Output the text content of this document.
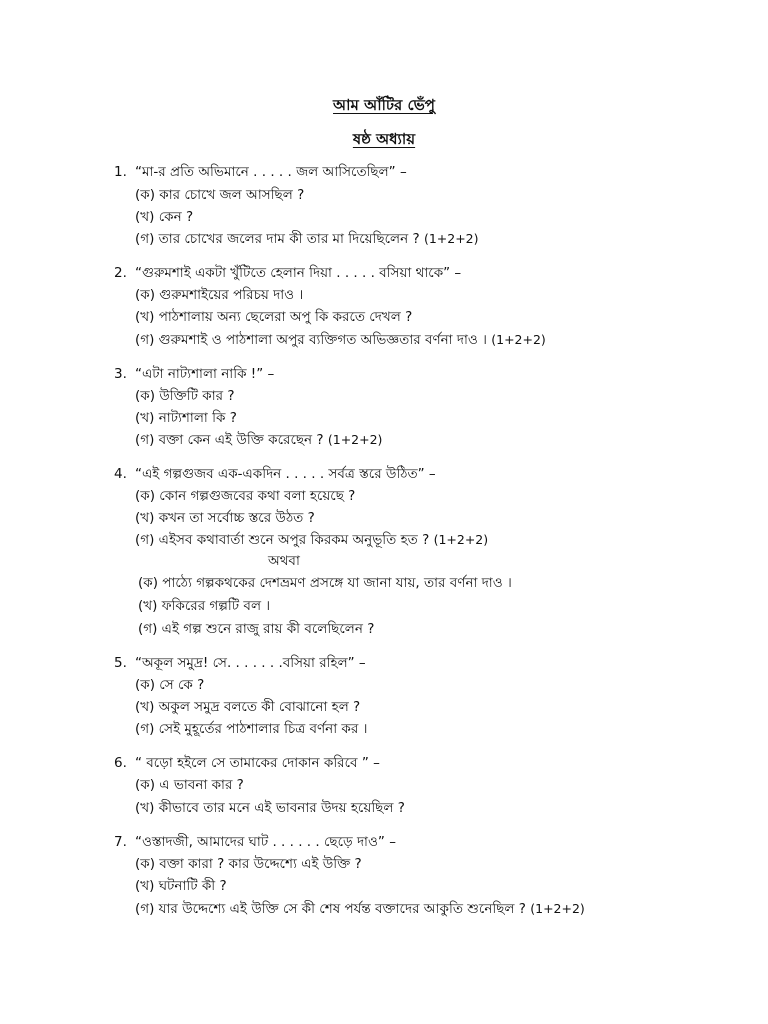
আম আঁটির ভেঁপু
ষষ্ঠ অধ্যায়
1. “মা-র প্রতি অভিমানে . . . . . জল আসিতেছিল” –
(ক) কার চোখে জল আসছিল ?
(খ) কেন ?
(গ) তার চোখের জলের দাম কী তার মা দিয়েছিলেন ? (1+2+2)
2. “গুরুমশাই একটা খুঁটিতে হেলান দিয়া . . . . . বসিয়া থাকে” –
(ক) গুরুমশাইয়ের পরিচয় দাও ।
(খ) পাঠশালায় অন্য ছেলেরা অপু কি করতে দেখল ?
(গ) গুরুমশাই ও পাঠশালা অপুর ব্যক্তিগত অভিজ্ঞতার বর্ণনা দাও । (1+2+2)
3. “এটা নাট্যশালা নাকি !” –
(ক) উক্তিটি কার ?
(খ) নাট্যশালা কি ?
(গ) বক্তা কেন এই উক্তি করেছেন ? (1+2+2)
4. “এই গল্পগুজব এক-একদিন . . . . . সর্বত্র স্তরে উঠিত” –
(ক) কোন গল্পগুজবের কথা বলা হয়েছে ?
(খ) কখন তা সর্বোচ্চ স্তরে উঠত ?
(গ) এইসব কথাবার্তা শুনে অপুর কিরকম অনুভূতি হত ? (1+2+2)
অথবা
(ক) পাঠ্যে গল্পকথকের দেশভ্রমণ প্রসঙ্গে যা জানা যায়, তার বর্ণনা দাও ।
(খ) ফকিরের গল্পটি বল ।
(গ) এই গল্প শুনে রাজু রায় কী বলেছিলেন ?
5. “অকূল সমুদ্র! সে. . . . . . .বসিয়া রহিল” –
(ক) সে কে ?
(খ) অকুল সমুদ্র বলতে কী বোঝানো হল ?
(গ) সেই মুহূর্তের পাঠশালার চিত্র বর্ণনা কর ।
6. “ বড়ো হইলে সে তামাকের দোকান করিবে ” –
(ক) এ ভাবনা কার ?
(খ) কীভাবে তার মনে এই ভাবনার উদয় হয়েছিল ?
7. “ওস্তাদজী, আমাদের ঘাট . . . . . . ছেড়ে দাও” –
(ক) বক্তা কারা ? কার উদ্দেশ্যে এই উক্তি ?
(খ) ঘটনাটি কী ?
(গ) যার উদ্দেশ্যে এই উক্তি সে কী শেষ পর্যন্ত বক্তাদের আকুতি শুনেছিল ? (1+2+2)
